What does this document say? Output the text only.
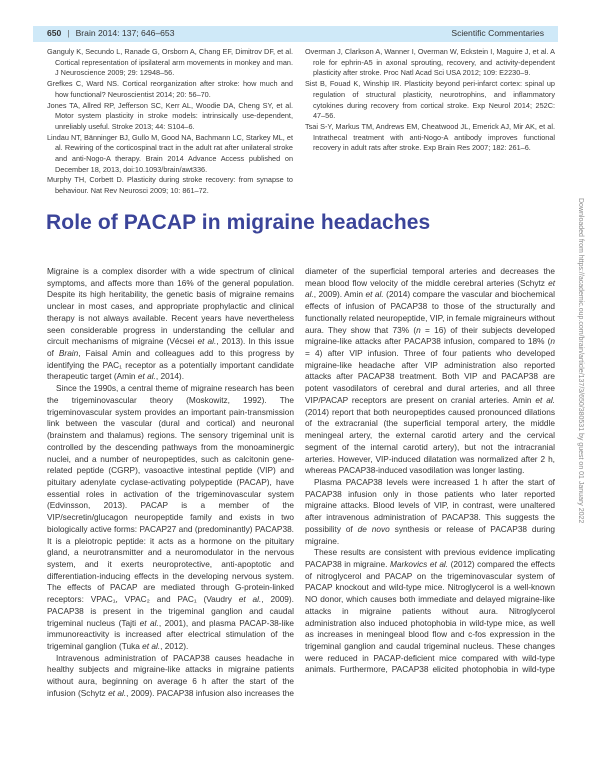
650 | Brain 2014: 137; 646–653	Scientific Commentaries

Ganguly K, Secundo L, Ranade G, Orsborn A, Chang EF, Dimitrov DF, et al. Cortical representation of ipsilateral arm movements in monkey and man. J Neuroscience 2009; 29: 12948–56.

Grefkes C, Ward NS. Cortical reorganization after stroke: how much and how functional? Neuroscientist 2014; 20: 56–70.

Jones TA, Allred RP, Jefferson SC, Kerr AL, Woodie DA, Cheng SY, et al. Motor system plasticity in stroke models: intrinsically use-dependent, unreliably useful. Stroke 2013; 44: S104–6.

Lindau NT, Bänninger BJ, Gullo M, Good NA, Bachmann LC, Starkey ML, et al. Rewiring of the corticospinal tract in the adult rat after unilateral stroke and anti-Nogo-A therapy. Brain 2014 Advance Access published on December 18, 2013, doi:10.1093/brain/awt336.

Murphy TH, Corbett D. Plasticity during stroke recovery: from synapse to behaviour. Nat Rev Neurosci 2009; 10: 861–72.

Overman J, Clarkson A, Wanner I, Overman W, Eckstein I, Maguire J, et al. A role for ephrin-A5 in axonal sprouting, recovery, and activity-dependent plasticity after stroke. Proc Natl Acad Sci USA 2012; 109: E2230–9.

Sist B, Fouad K, Winship IR. Plasticity beyond peri-infarct cortex: spinal up regulation of structural plasticity, neurotrophins, and inflammatory cytokines during recovery from cortical stroke. Exp Neurol 2014; 252C: 47–56.

Tsai S-Y, Markus TM, Andrews EM, Cheatwood JL, Emerick AJ, Mir AK, et al. Intrathecal treatment with anti-Nogo-A antibody improves functional recovery in adult rats after stroke. Exp Brain Res 2007; 182: 261–6.

Role of PACAP in migraine headaches

Migraine is a complex disorder with a wide spectrum of clinical symptoms, and affects more than 16% of the general population. Despite its high heritability, the genetic basis of migraine remains unclear in most cases, and appropriate prophylactic and clinical therapy is not always available. Recent years have nevertheless seen considerable progress in understanding the cellular and circuit mechanisms of migraine (Vécsei et al., 2013). In this issue of Brain, Faisal Amin and colleagues add to this progress by identifying the PAC₁ receptor as a potentially important candidate therapeutic target (Amin et al., 2014).

Since the 1990s, a central theme of migraine research has been the trigeminovascular theory (Moskowitz, 1992). The trigeminovascular system provides an important pain-transmission link between the vascular (dural and cortical) and neuronal (brainstem and thalamus) regions. The sensory trigeminal unit is controlled by the descending pathways from the monoaminergic nuclei, and a number of neuropeptides, such as calcitonin gene-related peptide (CGRP), vasoactive intestinal peptide (VIP) and pituitary adenylate cyclase-activating polypeptide (PACAP), have essential roles in activation of the trigeminovascular system (Edvinsson, 2013). PACAP is a member of the VIP/secretin/glucagon neuropeptide family and exists in two biologically active forms: PACAP27 and (predominantly) PACAP38. It is a pleiotropic peptide: it acts as a hormone on the pituitary gland, a neurotransmitter and a neuromodulator in the nervous system, and it exerts neuroprotective, anti-apoptotic and differentiation-inducing effects in the developing nervous system. The effects of PACAP are mediated through G-protein-linked receptors: VPAC₁, VPAC₂ and PAC₁ (Vaudry et al., 2009). PACAP38 is present in the trigeminal ganglion and caudal trigeminal nucleus (Tajti et al., 2001), and plasma PACAP-38-like immunoreactivity is increased after electrical stimulation of the trigeminal ganglion (Tuka et al., 2012).

Intravenous administration of PACAP38 causes headache in healthy subjects and migraine-like attacks in migraine patients without aura, beginning on average 6 h after the start of the infusion (Schytz et al., 2009). PACAP38 infusion also increases the

diameter of the superficial temporal arteries and decreases the mean blood flow velocity of the middle cerebral arteries (Schytz et al., 2009). Amin et al. (2014) compare the vascular and biochemical effects of infusion of PACAP38 to those of the structurally and functionally related neuropeptide, VIP, in female migraineurs without aura. They show that 73% (n = 16) of their subjects developed migraine-like attacks after PACAP38 infusion, compared to 18% (n = 4) after VIP infusion. Three of four patients who developed migraine-like headache after VIP administration also reported attacks after PACAP38 treatment. Both VIP and PACAP38 are potent vasodilators of cerebral and dural arteries, and all three VIP/PACAP receptors are present on cranial arteries. Amin et al. (2014) report that both neuropeptides caused pronounced dilations of the extracranial (the superficial temporal artery, the middle meningeal artery, the external carotid artery and the cervical segment of the internal carotid artery), but not the intracranial arteries. However, VIP-induced dilatation was normalized after 2 h, whereas PACAP38-induced vasodilation was longer lasting.

Plasma PACAP38 levels were increased 1 h after the start of PACAP38 infusion only in those patients who later reported migraine attacks. Blood levels of VIP, in contrast, were unaltered after intravenous administration of PACAP38. This suggests the possibility of de novo synthesis or release of PACAP38 during migraine.

These results are consistent with previous evidence implicating PACAP38 in migraine. Markovics et al. (2012) compared the effects of nitroglycerol and PACAP on the trigeminovascular system of PACAP knockout and wild-type mice. Nitroglycerol is a well-known NO donor, which causes both immediate and delayed migraine-like attacks in migraine patients without aura. Nitroglycerol administration also induced photophobia in wild-type mice, as well as increases in meningeal blood flow and c-fos expression in the trigeminal ganglion and caudal trigeminal nucleus. These changes were reduced in PACAP-deficient mice compared with wild-type animals. Furthermore, PACAP38 elicited photophobia in wild-type

Downloaded from https://academic.oup.com/brain/article/137/3/650/380531 by guest on 01 January 2022
